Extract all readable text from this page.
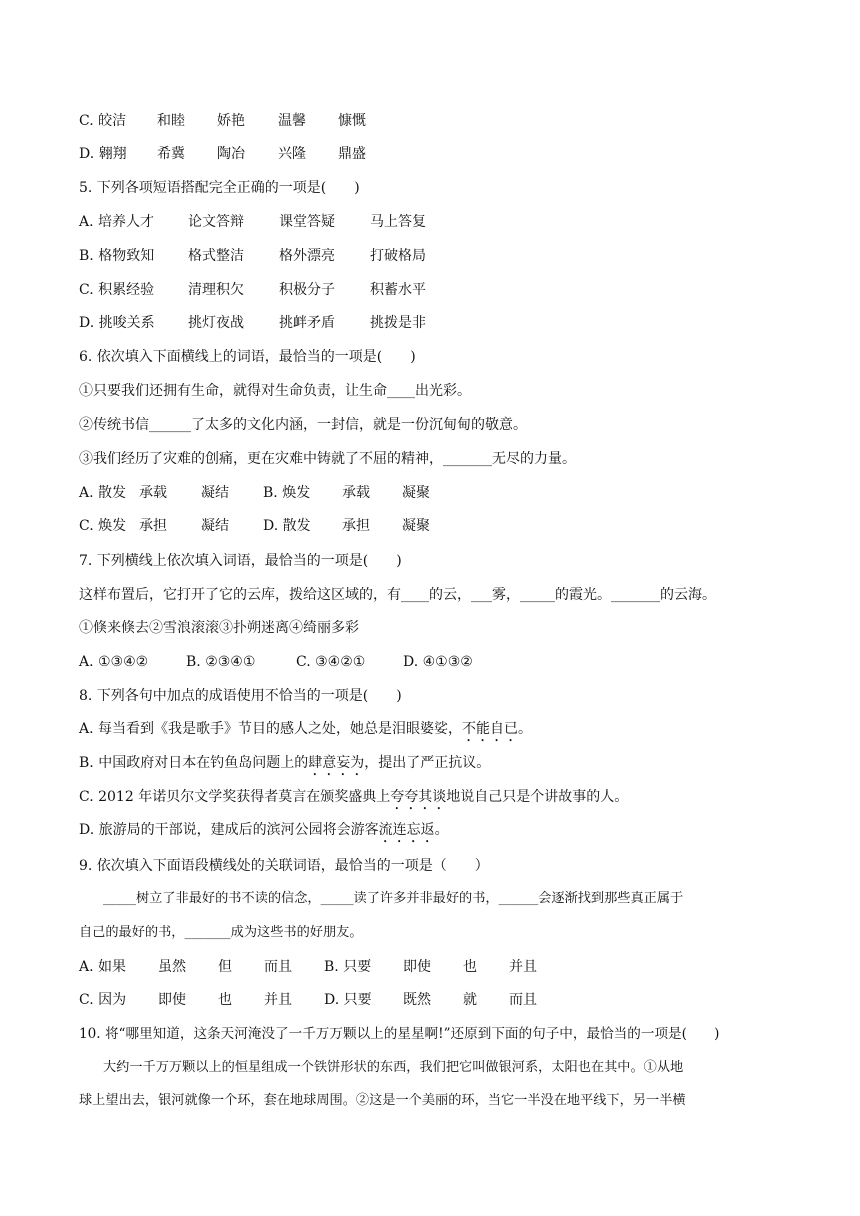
C. 皎洁 和睦 娇艳 温馨 慷慨
D. 翱翔 希冀 陶冶 兴隆 鼎盛
5. 下列各项短语搭配完全正确的一项是(　　)
A. 培养人才 论文答辩	课堂答疑	马上答复
B. 格物致知 格式整洁	格外漂亮	打破格局
C. 积累经验 清理积欠	积极分子	积蓄水平
D. 挑唆关系 挑灯夜战	挑衅矛盾	挑拨是非
6. 依次填入下面横线上的词语，最恰当的一项是(　　)
①只要我们还拥有生命，就得对生命负责，让生命____出光彩。
②传统书信______了太多的文化内涵，一封信，就是一份沉甸甸的敬意。
③我们经历了灾难的创痛，更在灾难中铸就了不屈的精神，_______无尽的力量。
A. 散发 承载 凝结 B. 焕发 承载 凝聚
C. 焕发 承担 凝结 D. 散发 承担 凝聚
7. 下列横线上依次填入词语，最恰当的一项是(　　)
这样布置后，它打开了它的云库，拨给这区域的，有____的云，___雾，_____的霞光。_______的云海。
①倏来倏去②雪浪滚滚③扑朔迷离④绮丽多彩
A. ①③④②	B. ②③④①	C. ③④②①	D. ④①③②
8. 下列各句中加点的成语使用不恰当的一项是(　　)
A. 每当看到《我是歌手》节目的感人之处，她总是泪眼婆娑，不能自已。
B. 中国政府对日本在钓鱼岛问题上的肆意妄为，提出了严正抗议。
C. 2012 年诺贝尔文学奖获得者莫言在颁奖盛典上夸夸其谈地说自己只是个讲故事的人。
D. 旅游局的干部说，建成后的滨河公园将会游客流连忘返。
9. 依次填入下面语段横线处的关联词语，最恰当的一项是（　　）
_____树立了非最好的书不读的信念，_____读了许多并非最好的书，______会逐渐找到那些真正属于
自己的最好的书，_______成为这些书的好朋友。
A. 如果 虽然 但 而且 B. 只要 即使 也 并且
C. 因为 即使 也 并且 D. 只要 既然 就 而且
10. 将“哪里知道，这条天河淹没了一千万万颗以上的星星啊!”还原到下面的句子中，最恰当的一项是(　　)
大约一千万万颗以上的恒星组成一个铁饼形状的东西，我们把它叫做银河系，太阳也在其中。①从地
球上望出去，银河就像一个环，套在地球周围。②这是一个美丽的环，当它一半没在地平线下，另一半横
